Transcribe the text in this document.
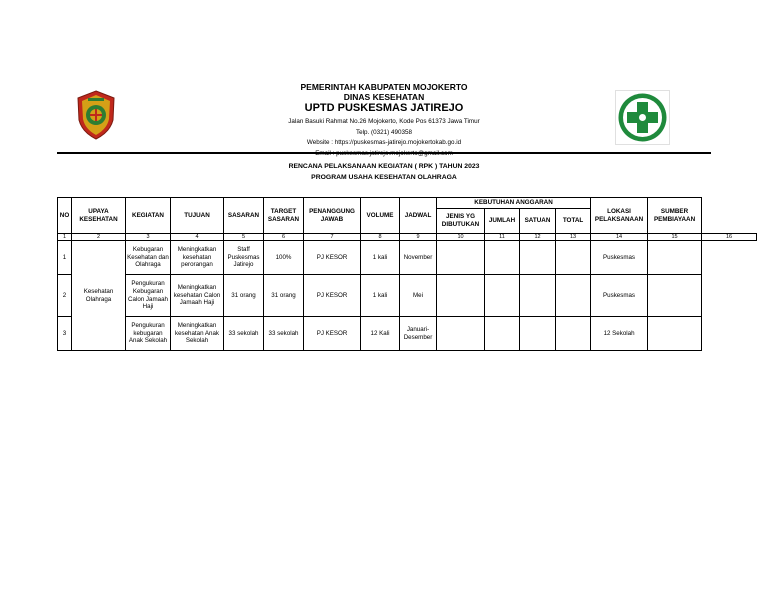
PEMERINTAH KABUPATEN MOJOKERTO
DINAS KESEHATAN
UPTD PUSKESMAS JATIREJO
Jalan Basuki Rahmat No.26 Mojokerto, Kode Pos 61373 Jawa Timur
Telp. (0321) 490358
Website : https://puskesmas-jatirejo.mojokertokab.go.id
RENCANA PELAKSANAAN KEGIATAN ( RPK ) TAHUN 2023
PROGRAM USAHA KESEHATAN OLAHRAGA
NO	UPAYA KESEHATAN	KEGIATAN	TUJUAN	SASARAN	TARGET SASARAN	PENANGGUNG JAWAB	VOLUME	JADWAL	KEBUTUHAN ANGGARAN				LOKASI PELAKSANAAN	SUMBER PEMBIAYAAN	
									JENIS YG DIBUTUKAN	JUMLAH	SATUAN	TOTAL			
1	2	3	4	5	6	7	8	9	10	11	12	13	14	15	16
1	Kesehatan Olahraga	Kebugaran Kesehatan dan Olahraga	Meningkatkan kesehatan perorangan	Staff Puskesmas Jatirejo	100%	PJ KESOR	1 kali	November					Puskesmas		
2		Pengukuran Kebugaran Calon Jamaah Haji	Meningkatkan kesehatan Calon Jamaah Haji	31 orang	31 orang	PJ KESOR	1 kali	Mei					Puskesmas		
3		Pengukuran kebugaran Anak Sekolah	Meningkatkan kesehatan Anak Sekolah	33 sekolah	33 sekolah	PJ KESOR	12 Kali	Januari-Desember					12 Sekolah		
